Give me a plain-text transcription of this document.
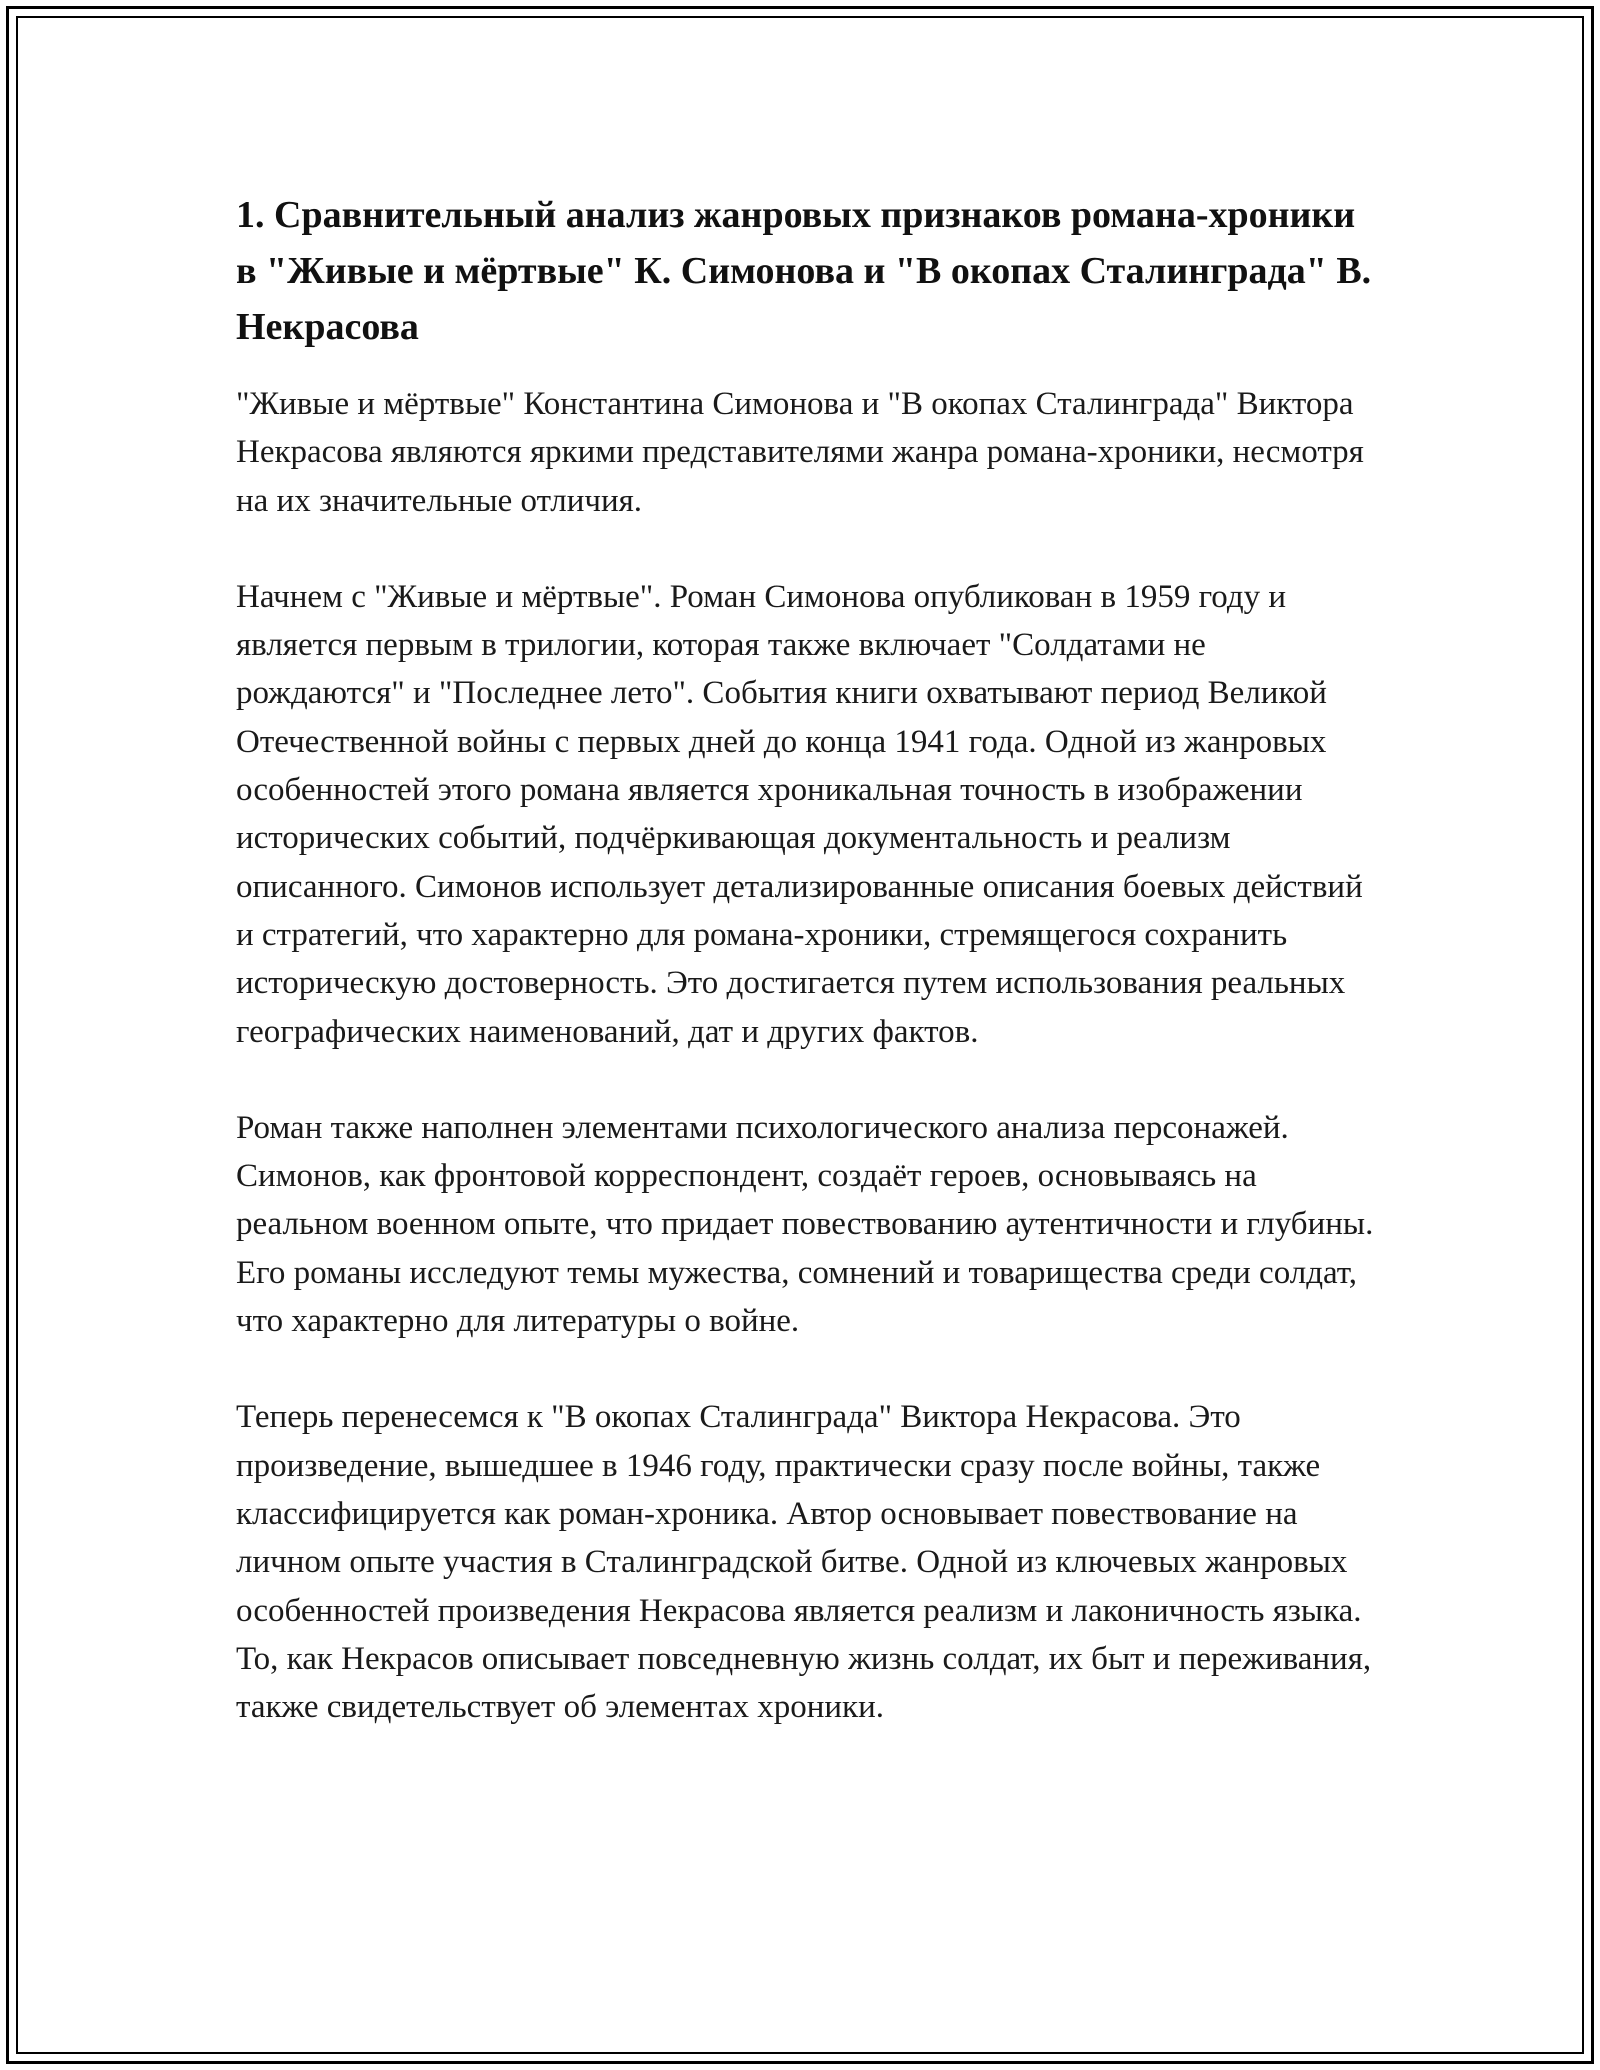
1. Сравнительный анализ жанровых признаков романа-хроники в "Живые и мёртвые" К. Симонова и "В окопах Сталинграда" В. Некрасова

"Живые и мёртвые" Константина Симонова и "В окопах Сталинграда" Виктора Некрасова являются яркими представителями жанра романа-хроники, несмотря на их значительные отличия.

Начнем с "Живые и мёртвые". Роман Симонова опубликован в 1959 году и является первым в трилогии, которая также включает "Солдатами не рождаются" и "Последнее лето". События книги охватывают период Великой Отечественной войны с первых дней до конца 1941 года. Одной из жанровых особенностей этого романа является хроникальная точность в изображении исторических событий, подчёркивающая документальность и реализм описанного. Симонов использует детализированные описания боевых действий и стратегий, что характерно для романа-хроники, стремящегося сохранить историческую достоверность. Это достигается путем использования реальных географических наименований, дат и других фактов.

Роман также наполнен элементами психологического анализа персонажей. Симонов, как фронтовой корреспондент, создаёт героев, основываясь на реальном военном опыте, что придает повествованию аутентичности и глубины. Его романы исследуют темы мужества, сомнений и товарищества среди солдат, что характерно для литературы о войне.

Теперь перенесемся к "В окопах Сталинграда" Виктора Некрасова. Это произведение, вышедшее в 1946 году, практически сразу после войны, также классифицируется как роман-хроника. Автор основывает повествование на личном опыте участия в Сталинградской битве. Одной из ключевых жанровых особенностей произведения Некрасова является реализм и лаконичность языка. То, как Некрасов описывает повседневную жизнь солдат, их быт и переживания, также свидетельствует об элементах хроники.
